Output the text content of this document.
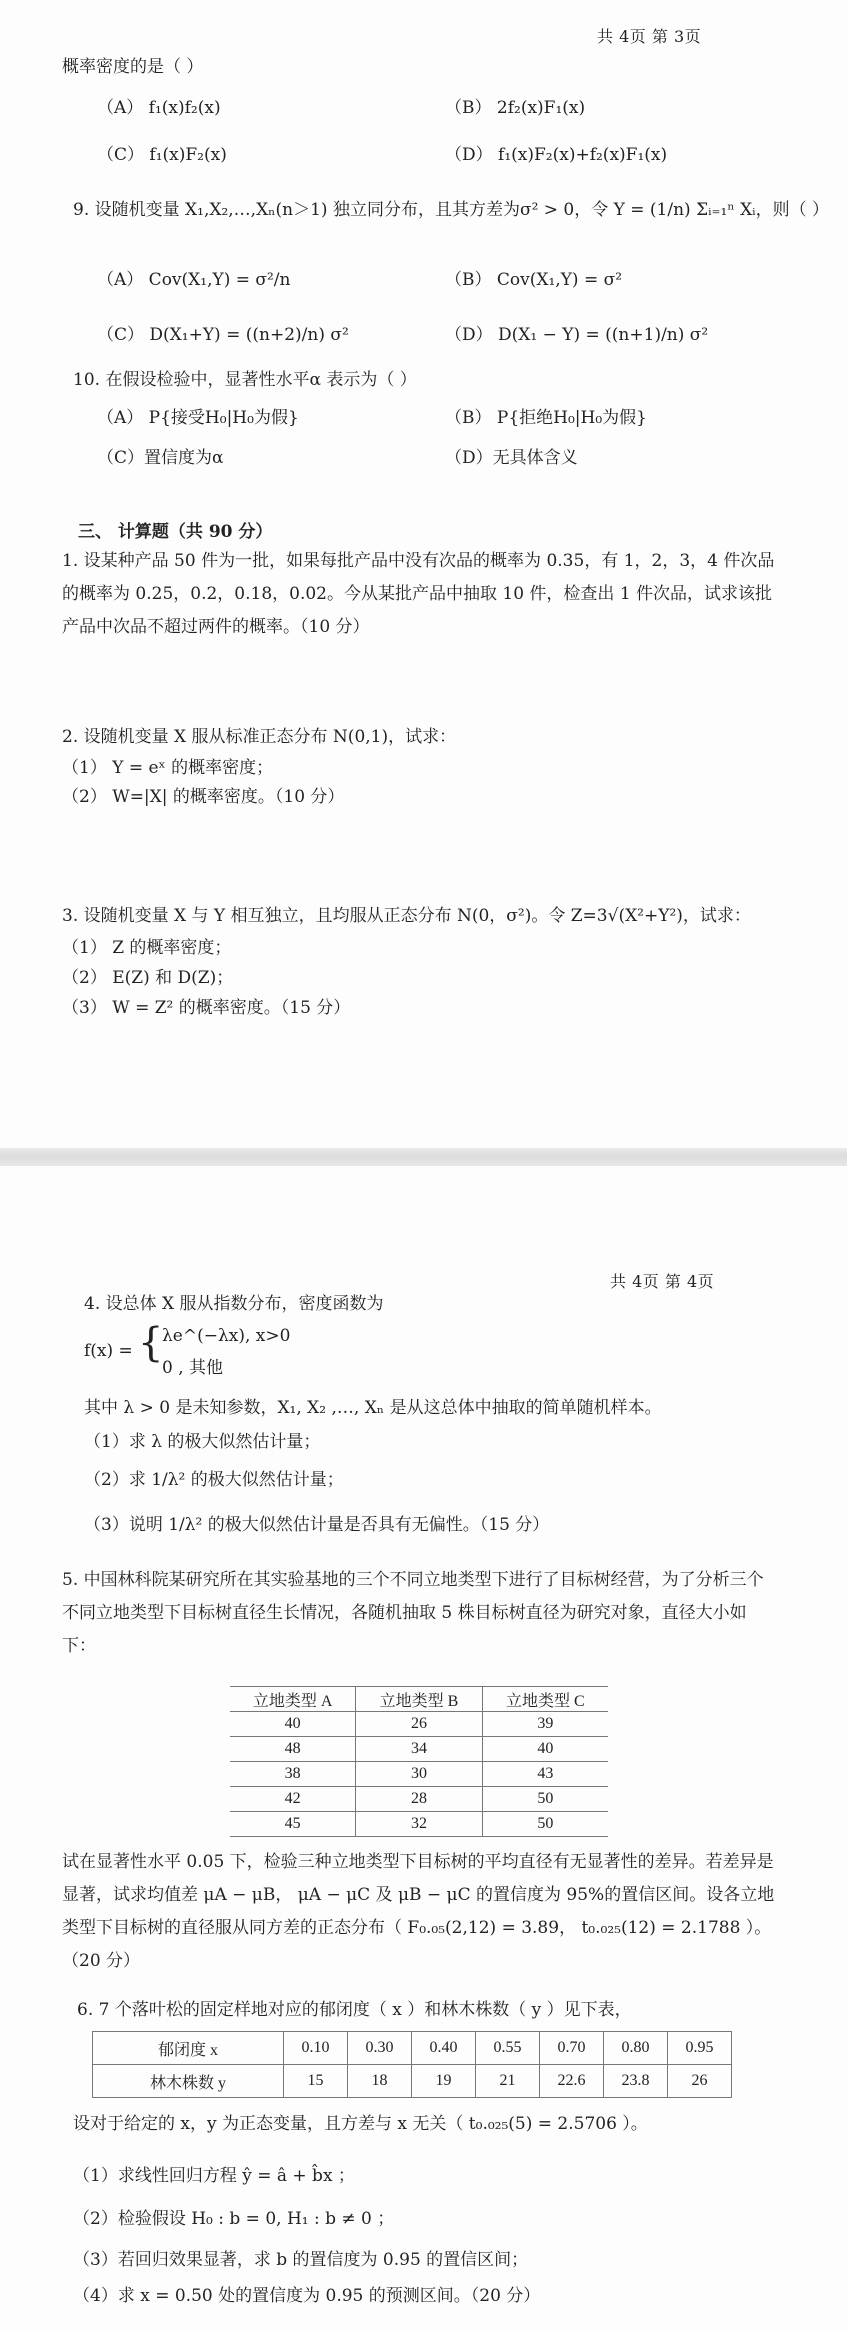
共 4页 第 3页
概率密度的是（ ）
（A） f₁(x)f₂(x)	（B） 2f₂(x)F₁(x)
（C） f₁(x)F₂(x)	（D） f₁(x)F₂(x)+f₂(x)F₁(x)
9. 设随机变量 X₁,X₂,…,Xₙ(n＞1) 独立同分布，且其方差为σ² > 0，令 Y = (1/n) Σᵢ₌₁ⁿ Xᵢ，则（ ）
（A） Cov(X₁,Y) = σ²/n	（B） Cov(X₁,Y) = σ²
（C） D(X₁+Y) = ((n+2)/n) σ²	（D） D(X₁ − Y) = ((n+1)/n) σ²
10. 在假设检验中，显著性水平α 表示为（ ）
（A） P{接受H₀|H₀为假}	（B） P{拒绝H₀|H₀为假}
（C）置信度为α	（D）无具体含义
三、 计算题（共 90 分）
1. 设某种产品 50 件为一批，如果每批产品中没有次品的概率为 0.35，有 1，2，3，4 件次品的概率为 0.25，0.2，0.18，0.02。今从某批产品中抽取 10 件，检查出 1 件次品，试求该批产品中次品不超过两件的概率。（10 分）
2. 设随机变量 X 服从标准正态分布 N(0,1)，试求：
（1） Y = eˣ 的概率密度；
（2） W=|X| 的概率密度。（10 分）
3. 设随机变量 X 与 Y 相互独立，且均服从正态分布 N(0，σ²)。令 Z=3√(X²+Y²)，试求：
（1） Z 的概率密度；
（2） E(Z) 和 D(Z)；
（3） W = Z² 的概率密度。（15 分）
共 4页 第 4页
4. 设总体 X 服从指数分布，密度函数为
f(x) = {
λe^(−λx), x>0
0 , 其他
其中 λ > 0 是未知参数，X₁, X₂ ,…, Xₙ 是从这总体中抽取的简单随机样本。
（1）求 λ 的极大似然估计量；
（2）求 1/λ² 的极大似然估计量；
（3）说明 1/λ² 的极大似然估计量是否具有无偏性。（15 分）
5. 中国林科院某研究所在其实验基地的三个不同立地类型下进行了目标树经营，为了分析三个不同立地类型下目标树直径生长情况，各随机抽取 5 株目标树直径为研究对象，直径大小如下：
立地类型 A	立地类型 B	立地类型 C
40	26	39
48	34	40
38	30	43
42	28	50
45	32	50
试在显著性水平 0.05 下，检验三种立地类型下目标树的平均直径有无显著性的差异。若差异是显著，试求均值差 μA − μB， μA − μC 及 μB − μC 的置信度为 95%的置信区间。设各立地类型下目标树的直径服从同方差的正态分布（ F₀.₀₅(2,12) = 3.89， t₀.₀₂₅(12) = 2.1788 ）。（20 分）
6. 7 个落叶松的固定样地对应的郁闭度（ x ）和林木株数（ y ）见下表，
郁闭度 x	0.10	0.30	0.40	0.55	0.70	0.80	0.95
林木株数 y	15	18	19	21	22.6	23.8	26
设对于给定的 x，y 为正态变量，且方差与 x 无关（ t₀.₀₂₅(5) = 2.5706 ）。
（1）求线性回归方程 ŷ = â + b̂x ；
（2）检验假设 H₀ : b = 0, H₁ : b ≠ 0 ；
（3）若回归效果显著，求 b 的置信度为 0.95 的置信区间；
（4）求 x = 0.50 处的置信度为 0.95 的预测区间。（20 分）
